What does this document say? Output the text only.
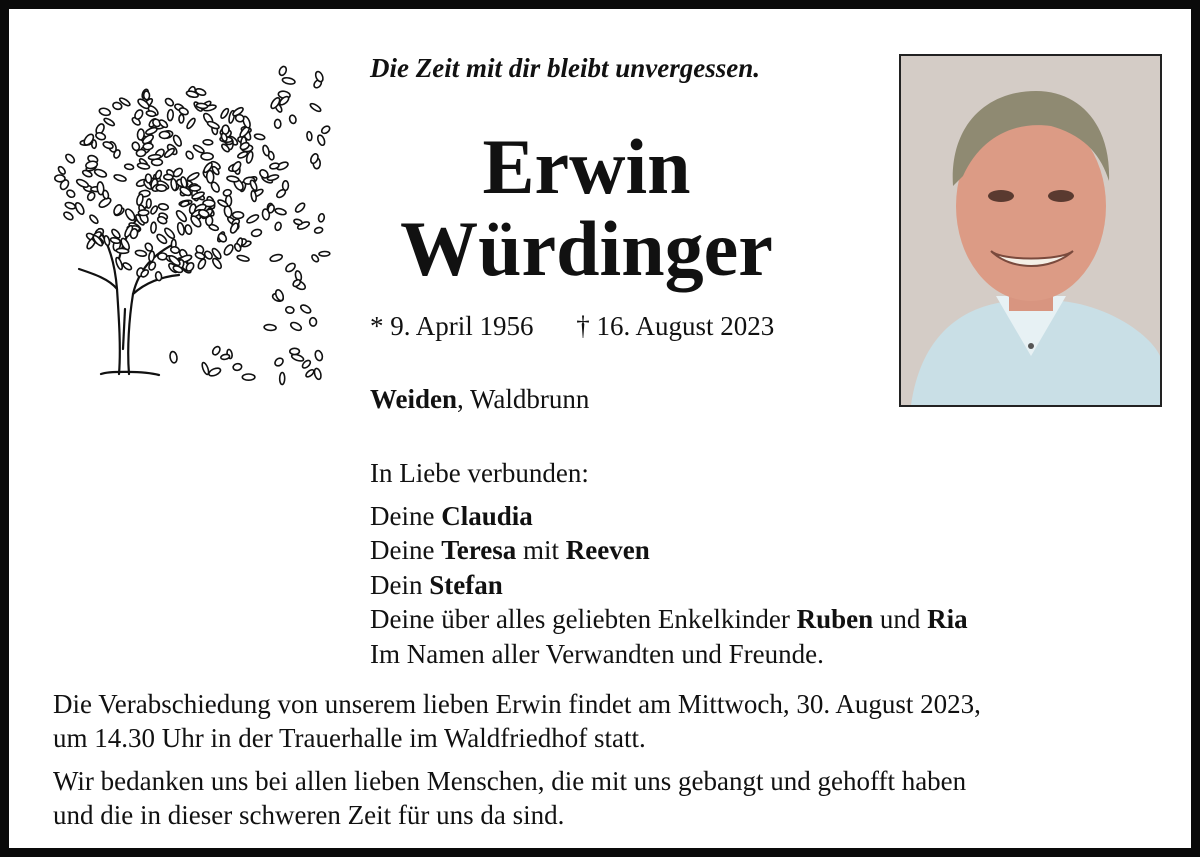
Die Zeit mit dir bleibt unvergessen.
Erwin
Würdinger
* 9. April 1956 † 16. August 2023
Weiden, Waldbrunn
In Liebe verbunden:
Deine Claudia
Deine Teresa mit Reeven
Dein Stefan
Deine über alles geliebten Enkelkinder Ruben und Ria
Im Namen aller Verwandten und Freunde.

Die Verabschiedung von unserem lieben Erwin findet am Mittwoch, 30. August 2023,

um 14.30 Uhr in der Trauerhalle im Waldfriedhof statt.

Wir bedanken uns bei allen lieben Menschen, die mit uns gebangt und gehofft haben

und die in dieser schweren Zeit für uns da sind.
